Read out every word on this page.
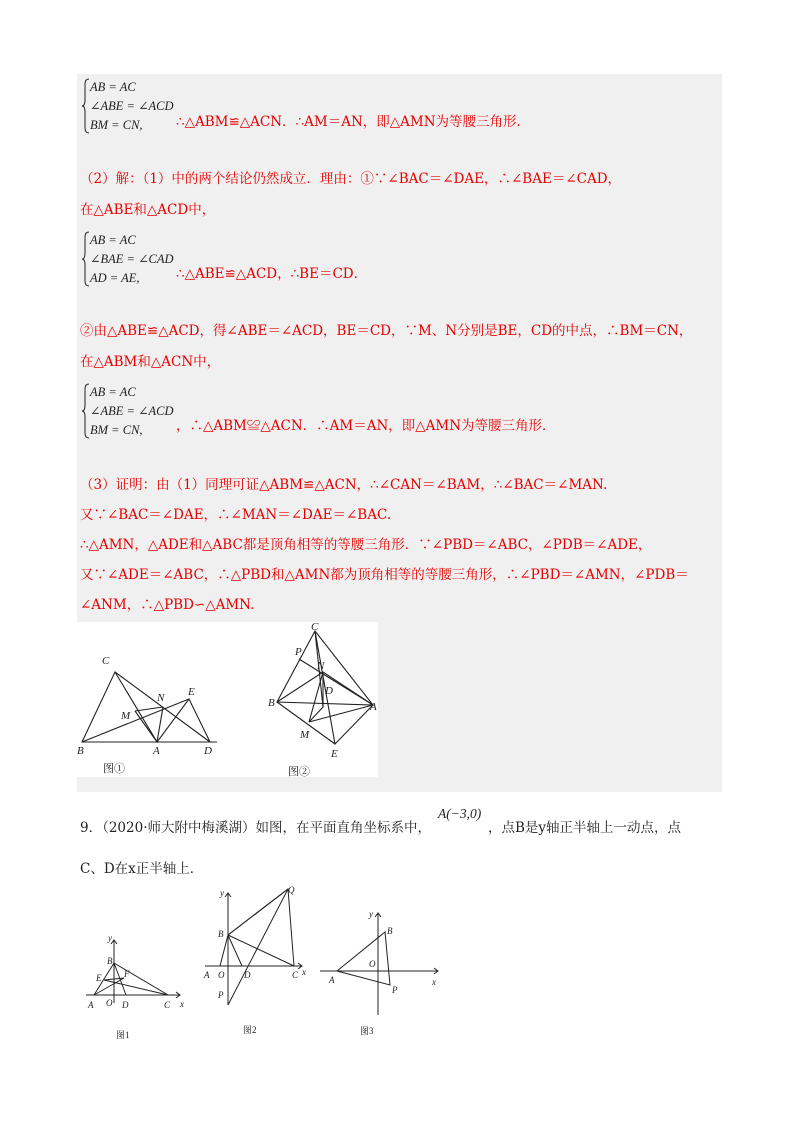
AB = AC
∠ABE = ∠ACD
BM = CN, ∴△ABM≌△ACN．∴AM＝AN，即△AMN为等腰三角形．
（2）解：（1）中的两个结论仍然成立．理由：①∵∠BAC＝∠DAE，∴∠BAE＝∠CAD，
在△ABE和△ACD中，
AB = AC
∠BAE = ∠CAD
AD = AE,	∴△ABE≌△ACD，∴BE＝CD．
②由△ABE≌△ACD，得∠ABE＝∠ACD，BE＝CD，∵M、N分别是BE，CD的中点，∴BM＝CN，
在△ABM和△ACN中，
AB = AC
∠ABE = ∠ACD
BM = CN, ，∴△ABM≌△ACN．∴AM＝AN，即△AMN为等腰三角形．
（3）证明：由（1）同理可证△ABM≌△ACN，∴∠CAN＝∠BAM，∴∠BAC＝∠MAN.
又∵∠BAC＝∠DAE，∴∠MAN＝∠DAE＝∠BAC.
∴△AMN，△ADE和△ABC都是顶角相等的等腰三角形．∵∠PBD＝∠ABC，∠PDB＝∠ADE，
又∵∠ADE＝∠ABC，∴△PBD和△AMN都为顶角相等的等腰三角形，∴∠PBD＝∠AMN，∠PDB＝
∠ANM，∴△PBD∽△AMN.
C
B	A	D
E
N
M
C
P
N
D
B	A
M
E
图①	图②
9．（2020·师大附中梅溪湖）如图，在平面直角坐标系中，
A(−3,0)
，点B是y轴正半轴上一动点，点
C、D在x正半轴上．
y
x
B
E	F
A O D	C
y
x
Q
B
A O D	C
P
y
x
B
O
A
P
图1	图2	图3
